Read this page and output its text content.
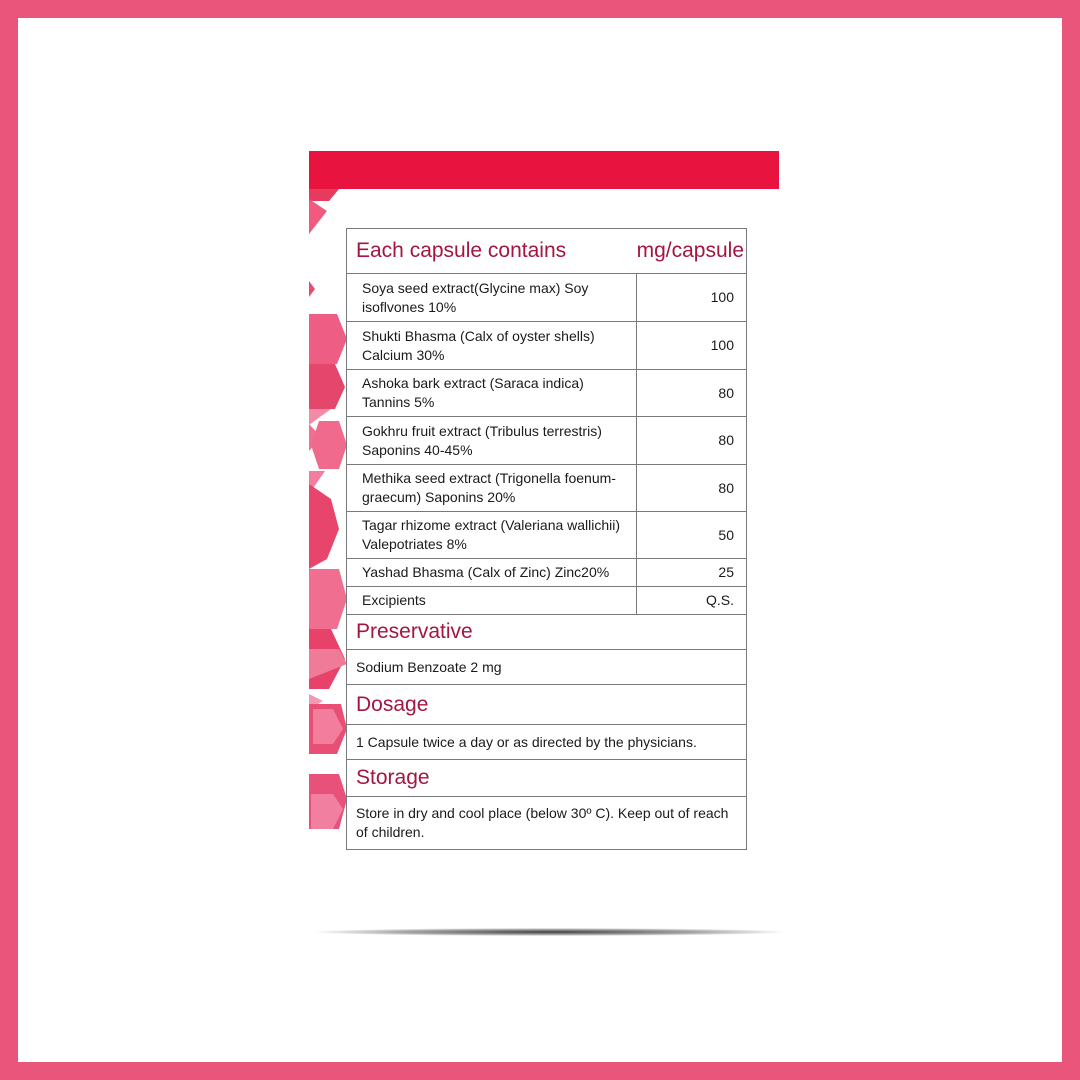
Each capsule contains	mg/capsule
Soya seed extract(Glycine max) Soy isoflvones 10%	100
Shukti Bhasma (Calx of oyster shells) Calcium 30%	100
Ashoka bark extract (Saraca indica) Tannins 5%	80
Gokhru fruit extract (Tribulus terrestris) Saponins 40-45%	80
Methika seed extract (Trigonella foenum-graecum) Saponins 20%	80
Tagar rhizome extract (Valeriana wallichii) Valepotriates 8%	50
Yashad Bhasma (Calx of Zinc) Zinc20%	25
Excipients	Q.S.
Preservative	
Sodium Benzoate 2 mg	
Dosage	
1 Capsule twice a day or as directed by the physicians.	
Storage	
Store in dry and cool place (below 30º C). Keep out of reach of children.	
